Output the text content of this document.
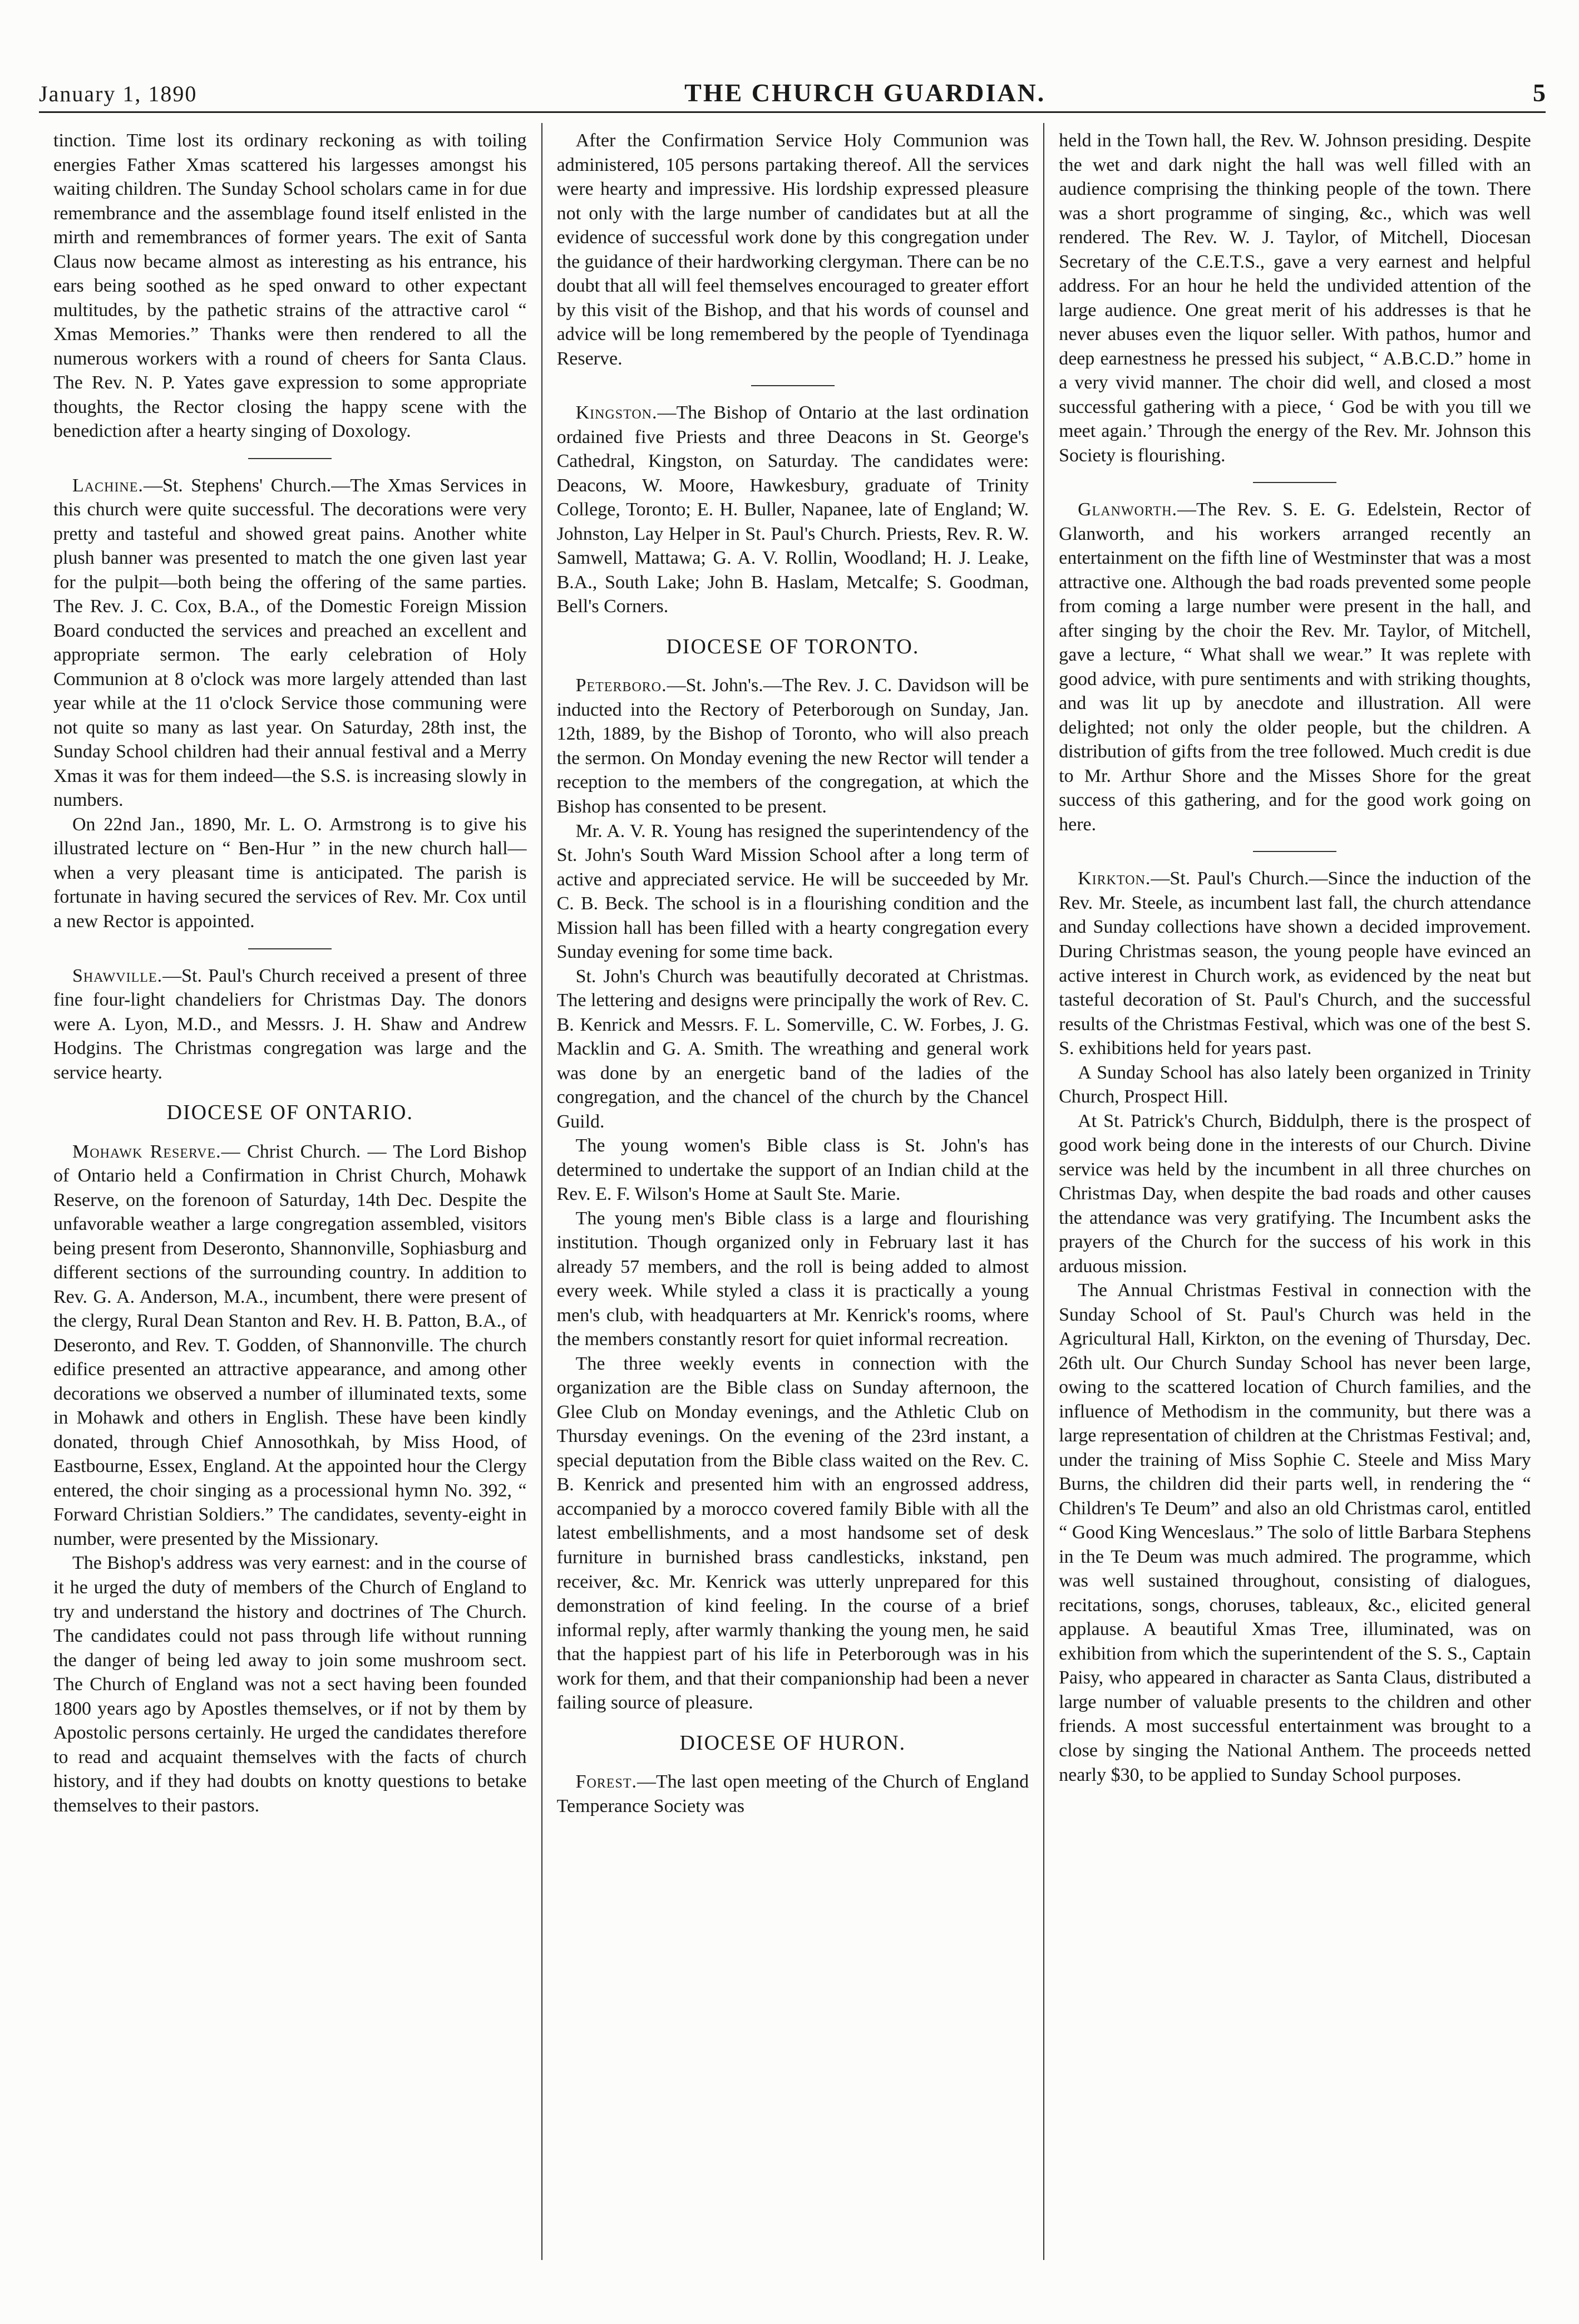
January 1, 1890	THE CHURCH GUARDIAN.	5

tinction. Time lost its ordinary reckoning as with toiling energies Father Xmas scattered his largesses amongst his waiting children. The Sunday School scholars came in for due remembrance and the assemblage found itself enlisted in the mirth and remembrances of former years. The exit of Santa Claus now became almost as interesting as his entrance, his ears being soothed as he sped onward to other expectant multitudes, by the pathetic strains of the attractive carol “ Xmas Memories.” Thanks were then rendered to all the numerous workers with a round of cheers for Santa Claus. The Rev. N. P. Yates gave expression to some appropriate thoughts, the Rector closing the happy scene with the benediction after a hearty singing of Doxology.

Lachine.—St. Stephens' Church.—The Xmas Services in this church were quite successful. The decorations were very pretty and tasteful and showed great pains. Another white plush banner was presented to match the one given last year for the pulpit—both being the offering of the same parties. The Rev. J. C. Cox, B.A., of the Domestic Foreign Mission Board conducted the services and preached an excellent and appropriate sermon. The early celebration of Holy Communion at 8 o'clock was more largely attended than last year while at the 11 o'clock Service those communing were not quite so many as last year. On Saturday, 28th inst, the Sunday School children had their annual festival and a Merry Xmas it was for them indeed—the S.S. is increasing slowly in numbers.

On 22nd Jan., 1890, Mr. L. O. Armstrong is to give his illustrated lecture on “ Ben-Hur ” in the new church hall—when a very pleasant time is anticipated. The parish is fortunate in having secured the services of Rev. Mr. Cox until a new Rector is appointed.

Shawville.—St. Paul's Church received a present of three fine four-light chandeliers for Christmas Day. The donors were A. Lyon, M.D., and Messrs. J. H. Shaw and Andrew Hodgins. The Christmas congregation was large and the service hearty.

DIOCESE OF ONTARIO.

Mohawk Reserve.— Christ Church. — The Lord Bishop of Ontario held a Confirmation in Christ Church, Mohawk Reserve, on the forenoon of Saturday, 14th Dec. Despite the unfavorable weather a large congregation assembled, visitors being present from Deseronto, Shannonville, Sophiasburg and different sections of the surrounding country. In addition to Rev. G. A. Anderson, M.A., incumbent, there were present of the clergy, Rural Dean Stanton and Rev. H. B. Patton, B.A., of Deseronto, and Rev. T. Godden, of Shannonville. The church edifice presented an attractive appearance, and among other decorations we observed a number of illuminated texts, some in Mohawk and others in English. These have been kindly donated, through Chief Annosothkah, by Miss Hood, of Eastbourne, Essex, England. At the appointed hour the Clergy entered, the choir singing as a processional hymn No. 392, “ Forward Christian Soldiers.” The candidates, seventy-eight in number, were presented by the Missionary.

The Bishop's address was very earnest: and in the course of it he urged the duty of members of the Church of England to try and understand the history and doctrines of The Church. The candidates could not pass through life without running the danger of being led away to join some mushroom sect. The Church of England was not a sect having been founded 1800 years ago by Apostles themselves, or if not by them by Apostolic persons certainly. He urged the candidates therefore to read and acquaint themselves with the facts of church history, and if they had doubts on knotty questions to betake themselves to their pastors.

After the Confirmation Service Holy Communion was administered, 105 persons partaking thereof. All the services were hearty and impressive. His lordship expressed pleasure not only with the large number of candidates but at all the evidence of successful work done by this congregation under the guidance of their hardworking clergyman. There can be no doubt that all will feel themselves encouraged to greater effort by this visit of the Bishop, and that his words of counsel and advice will be long remembered by the people of Tyendinaga Reserve.

Kingston.—The Bishop of Ontario at the last ordination ordained five Priests and three Deacons in St. George's Cathedral, Kingston, on Saturday. The candidates were: Deacons, W. Moore, Hawkesbury, graduate of Trinity College, Toronto; E. H. Buller, Napanee, late of England; W. Johnston, Lay Helper in St. Paul's Church. Priests, Rev. R. W. Samwell, Mattawa; G. A. V. Rollin, Woodland; H. J. Leake, B.A., South Lake; John B. Haslam, Metcalfe; S. Goodman, Bell's Corners.

DIOCESE OF TORONTO.

Peterboro.—St. John's.—The Rev. J. C. Davidson will be inducted into the Rectory of Peterborough on Sunday, Jan. 12th, 1889, by the Bishop of Toronto, who will also preach the sermon. On Monday evening the new Rector will tender a reception to the members of the congregation, at which the Bishop has consented to be present.

Mr. A. V. R. Young has resigned the superintendency of the St. John's South Ward Mission School after a long term of active and appreciated service. He will be succeeded by Mr. C. B. Beck. The school is in a flourishing condition and the Mission hall has been filled with a hearty congregation every Sunday evening for some time back.

St. John's Church was beautifully decorated at Christmas. The lettering and designs were principally the work of Rev. C. B. Kenrick and Messrs. F. L. Somerville, C. W. Forbes, J. G. Macklin and G. A. Smith. The wreathing and general work was done by an energetic band of the ladies of the congregation, and the chancel of the church by the Chancel Guild.

The young women's Bible class is St. John's has determined to undertake the support of an Indian child at the Rev. E. F. Wilson's Home at Sault Ste. Marie.

The young men's Bible class is a large and flourishing institution. Though organized only in February last it has already 57 members, and the roll is being added to almost every week. While styled a class it is practically a young men's club, with headquarters at Mr. Kenrick's rooms, where the members constantly resort for quiet informal recreation.

The three weekly events in connection with the organization are the Bible class on Sunday afternoon, the Glee Club on Monday evenings, and the Athletic Club on Thursday evenings. On the evening of the 23rd instant, a special deputation from the Bible class waited on the Rev. C. B. Kenrick and presented him with an engrossed address, accompanied by a morocco covered family Bible with all the latest embellishments, and a most handsome set of desk furniture in burnished brass candlesticks, inkstand, pen receiver, &c. Mr. Kenrick was utterly unprepared for this demonstration of kind feeling. In the course of a brief informal reply, after warmly thanking the young men, he said that the happiest part of his life in Peterborough was in his work for them, and that their companionship had been a never failing source of pleasure.

DIOCESE OF HURON.

Forest.—The last open meeting of the Church of England Temperance Society was

held in the Town hall, the Rev. W. Johnson presiding. Despite the wet and dark night the hall was well filled with an audience comprising the thinking people of the town. There was a short programme of singing, &c., which was well rendered. The Rev. W. J. Taylor, of Mitchell, Diocesan Secretary of the C.E.T.S., gave a very earnest and helpful address. For an hour he held the undivided attention of the large audience. One great merit of his addresses is that he never abuses even the liquor seller. With pathos, humor and deep earnestness he pressed his subject, “ A.B.C.D.” home in a very vivid manner. The choir did well, and closed a most successful gathering with a piece, ‘ God be with you till we meet again.’ Through the energy of the Rev. Mr. Johnson this Society is flourishing.

Glanworth.—The Rev. S. E. G. Edelstein, Rector of Glanworth, and his workers arranged recently an entertainment on the fifth line of Westminster that was a most attractive one. Although the bad roads prevented some people from coming a large number were present in the hall, and after singing by the choir the Rev. Mr. Taylor, of Mitchell, gave a lecture, “ What shall we wear.” It was replete with good advice, with pure sentiments and with striking thoughts, and was lit up by anecdote and illustration. All were delighted; not only the older people, but the children. A distribution of gifts from the tree followed. Much credit is due to Mr. Arthur Shore and the Misses Shore for the great success of this gathering, and for the good work going on here.

Kirkton.—St. Paul's Church.—Since the induction of the Rev. Mr. Steele, as incumbent last fall, the church attendance and Sunday collections have shown a decided improvement. During Christmas season, the young people have evinced an active interest in Church work, as evidenced by the neat but tasteful decoration of St. Paul's Church, and the successful results of the Christmas Festival, which was one of the best S. S. exhibitions held for years past.

A Sunday School has also lately been organized in Trinity Church, Prospect Hill.

At St. Patrick's Church, Biddulph, there is the prospect of good work being done in the interests of our Church. Divine service was held by the incumbent in all three churches on Christmas Day, when despite the bad roads and other causes the attendance was very gratifying. The Incumbent asks the prayers of the Church for the success of his work in this arduous mission.

The Annual Christmas Festival in connection with the Sunday School of St. Paul's Church was held in the Agricultural Hall, Kirkton, on the evening of Thursday, Dec. 26th ult. Our Church Sunday School has never been large, owing to the scattered location of Church families, and the influence of Methodism in the community, but there was a large representation of children at the Christmas Festival; and, under the training of Miss Sophie C. Steele and Miss Mary Burns, the children did their parts well, in rendering the “ Children's Te Deum” and also an old Christmas carol, entitled “ Good King Wenceslaus.” The solo of little Barbara Stephens in the Te Deum was much admired. The programme, which was well sustained throughout, consisting of dialogues, recitations, songs, choruses, tableaux, &c., elicited general applause. A beautiful Xmas Tree, illuminated, was on exhibition from which the superintendent of the S. S., Captain Paisy, who appeared in character as Santa Claus, distributed a large number of valuable presents to the children and other friends. A most successful entertainment was brought to a close by singing the National Anthem. The proceeds netted nearly $30, to be applied to Sunday School purposes.
